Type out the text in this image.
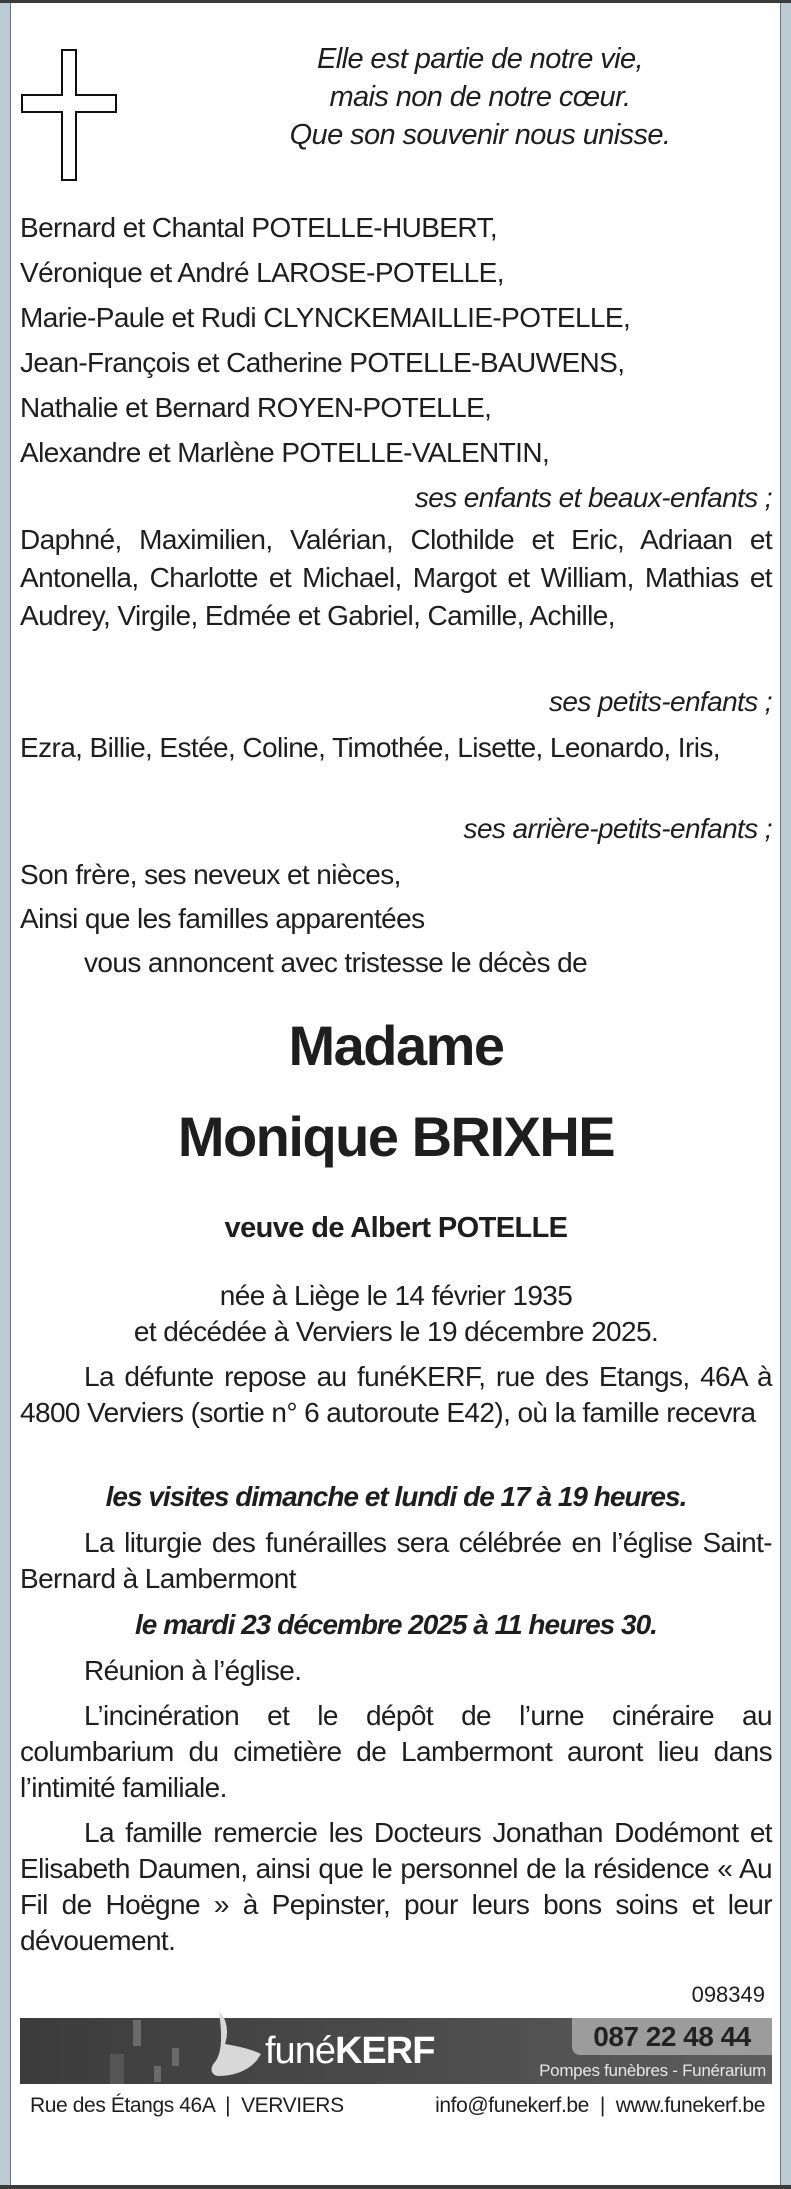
Elle est partie de notre vie,
mais non de notre cœur.
Que son souvenir nous unisse.
Bernard et Chantal POTELLE-HUBERT,
Véronique et André LAROSE-POTELLE,
Marie-Paule et Rudi CLYNCKEMAILLIE-POTELLE,
Jean-François et Catherine POTELLE-BAUWENS,
Nathalie et Bernard ROYEN-POTELLE,
Alexandre et Marlène POTELLE-VALENTIN,
ses enfants et beaux-enfants ;
Daphné, Maximilien, Valérian, Clothilde et Eric, Adriaan et Antonella, Charlotte et Michael, Margot et William, Mathias et Audrey, Virgile, Edmée et Gabriel, Camille, Achille,
ses petits-enfants ;
Ezra, Billie, Estée, Coline, Timothée, Lisette, Leonardo, Iris,
ses arrière-petits-enfants ;
Son frère, ses neveux et nièces,
Ainsi que les familles apparentées
vous annoncent avec tristesse le décès de
Madame
Monique BRIXHE
veuve de Albert POTELLE
née à Liège le 14 février 1935
et décédée à Verviers le 19 décembre 2025.
La défunte repose au funéKERF, rue des Etangs, 46A à 4800 Verviers (sortie n° 6 autoroute E42), où la famille recevra
les visites dimanche et lundi de 17 à 19 heures.
La liturgie des funérailles sera célébrée en l’église Saint-Bernard à Lambermont
le mardi 23 décembre 2025 à 11 heures 30.
Réunion à l’église.
L’incinération et le dépôt de l’urne cinéraire au columbarium du cimetière de Lambermont auront lieu dans l’intimité familiale.
La famille remercie les Docteurs Jonathan Dodémont et Elisabeth Daumen, ainsi que le personnel de la résidence « Au Fil de Hoëgne » à Pepinster, pour leurs bons soins et leur dévouement.
098349
funéKERF	087 22 48 44
Pompes funèbres - Funérarium
Rue des Étangs 46A  |  VERVIERS	info@funekerf.be  |  www.funekerf.be
